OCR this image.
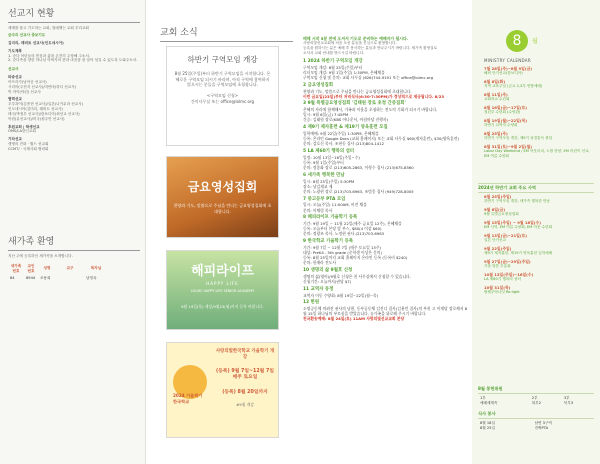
선교지 현황
세계를 품고 기도하는 교회, 열매맺는 교회 우리교회
금주의 선교사 중보기도
김미리, 레비트 선교사(인도네시아)
기도제목
1. 순다 어린들의 믿음과 삶을 온전히 주장해 주소서.
2. 순다족을 향한 하나님 아버지의 뜻과 마음을 잘 알아 섬길 수 있도록 도와주소서.
선교사
파송선교
아프리카(남아공 선교사)
시리아(주현지 선교사)/미얀마(하디 선교사)
빅 아이(야린) 선교사
협력선교
우루과이(김종현 선교사)/일본(나카무라 선교사)
인도네시아(김미리, 레비트 선교사)
태국(박정우 선교사)/캄보디아(최선교 선교사)
이란(유선교사)/미국(원주민 선교사)
후원교회 | 학생선교
OMS/LA한인교회
기타선교
생명의 전화 · 월드 선교회
CCMT/ · 국제사회 협력회
새가족 환영
지난 주에 등록하신 새가족을 소개합니다.
새가족 번호	교인 번호	성명	교구	목자님
84	8944	조용희		남영옥
교회 소식
하반기 구역모임 개강
8월 25일(주일)부터 하반기 구역모임을 시작합니다. 은혜로운 구역모임 되시기 바라며, 아직 구역에 참여하지 않으시는 분들을 구역모임에 초청합니다.
<구역모임 신청>
간이사무실 또는 office@lolmc.org
금요영성집회
찬양과 기도, 말씀으로 주님을 만나는 금요영성집회에 초대합니다.
해피라이프
HAPPY LIFE
LOLMC HAPPY LIFE SENIOR ACADEMY
9월 19일(목) 개강/9월23(월)까지 등록 바랍니다.
2024 가을학기
한국학교
사랑의빛한국학교 가을학기 개강
(등록) 9월 7일~12월 7일 매주 토요일
(등록) 8월 20일까지
#9월 개강
매해 시작 5분 전에 오셔서 기도로 준비하는 예배자가 됩시다.
사랑의빛선교교회에 처음 오신 분들을 진심으로 환영합니다.
등록을 원하시는 분은 예배 후 봉사하는 분들과 만나주시기 바랍니다. 새가족 환영실로
오셔서 교회 안내를 받으시길 바랍니다.
1 2024 하반기 구역모임 개강
구역모임 개강: 8월 25일(주일)부터
리더모임 개강: 9월 1일(주일) 1:30PM, 은혜채플
구역모임 신청 및 문의: 교회 사무실 (626)744-9191 또는 office@lolmc.org
2 금요영성집회
찬양과 기도, 말씀으로 주님을 만나는 금요영성집회에 초대합니다.
이번 금요일(23일)부터 저녁식사(6:30-7:30PM)가 정상적으로 제공됩니다. 8/23
3 9월 특별금요영성집회 '김태원 장로 초청 간증집회'
은혜의 자리에 함께해서, 가족과 이웃을 초청하는 전도의 기회가 되시기 바랍니다.
일시: 9월 6일(금) 7:45PM
간증: 김태원 장로(KBS 아나운서, 아침마당 진행자)
4 제9기 제자훈련 & 제19기 양육훈련 모집
입학예배: 9월 22일(주일) 1:30PM, 은혜채플
등록: 온라인 Google Docs (교회 홈페이지) 또는 교회 사무실 $60(제자훈련), $30(양육훈련)
문의: 강호신 목사, 조현동 집사 (213)804-1412
5 LA 제60기 행복의 섬터
일정: 10월 13일~16일(주일~수)
등록: 9월 1일(주일)부터
문의: 정종화 장로 (213)605-2863, 이형수 집사 (213)675-8560
6 새가족 행복한 만남
일시: 8월 25일(주일) 5:30PM
장소: 남김제교 제
문의: 노광현 장로 (213)703-6963, 조범웅 집사 (949)728-8005
7 중고등부 PTA 모임
일시: 오늘(주일) 11:00AM, 비전 채플
문의: 이체림 목사
8 해피라이프 가을학기 등록
기간: 9월 19일 ~ 11월 22일(매주 금요일 12주), 은혜채플
등록: 오늘부터 본당 앞 부스, $80(4 이상 $60)
문의: 정광조 목사, 노정현 권사 (213)703-6963
9 한국학교 가을학기 등록
기간: 9월 7일 ~ 12월 7일 (매주 토요일 13주)
대상: PreK4 - 5th grade (중학생 이상은 문의)
등록: 8월 25일까지 교회 홈페이지 온라인 등록 (등록비 $240)
문의: 한재라 전도사
10 생명의 삶 9월호 신청
생명의 삶(영어)/9월호 신청은 친 사무실에서 신청할 수 있습니다.
신청기간: 오늘까지(권당 $7)
11 교역자 동정
교역자 이동 수양회: 8월 19일~22일(월~목)
12 한원
소명공동체 의려진 권사의 남편, 동부공동체 김진디 집사(김용언 집사)의 부친 고 이재당 장로께서 8월 15일 하나님의 부르심을 받았습니다. 유가족을 위로해 주시기 바랍니다.
천국환송예배: 8월 24일(토) 11AM 사랑의빛선교교회 본당
8	월
MINISTRY CALENDAR
7월 28일(주)~8월 9일(금)
해외 단기선교(캄보디아)
8월 6일(화)
지역 교육주일 (금요 2,3부 연합예배)
8월 11일(주)
교회학교 수련회
8월 16일(금)~17일(토)
청년부 수련회 (수양관)
8월 19일(월)~22일(목)
하반기 교역자 수양회
8월 25일(주)
하반기 구역모임 개강, 제9기 성경통독 졸업
8월 31일(토)~9월 2일(월)
Labor Day Weekend / EM 아웃리치, 노방 찬양, EM 어린이 선교, EM 여름 수양회
2024년 하반기 교회 주요 사역
8월 25일(주일)
하반기 구역모임 개강, 새가족 행복한 만남
9월 6일(금)
9월 특별금요영성집회
9월 15일(주일) ~ 9월 18일(수)
EM 사역, EM 여름 수양회, EM 아웃 수련회
9월 13일(금)~21일(토)
일본 단기선교
9월 22일(주일)
제9기 제자훈련, 제19기 양육훈련 입학예배
9월 27일(금)~29일(주일)
가을 말씀 부흥회
10월 13일(주일)~16일(수)
LA 제60기 행복의 섬터
10월 31일(목)
할렐루야나잇 Re:light
8월 봉헌위원
1부	2부	3부
예배세계족	복부2	북부3
식사 봉사
8월 18일	남연 3구역
8월 25일	진짜PTA
